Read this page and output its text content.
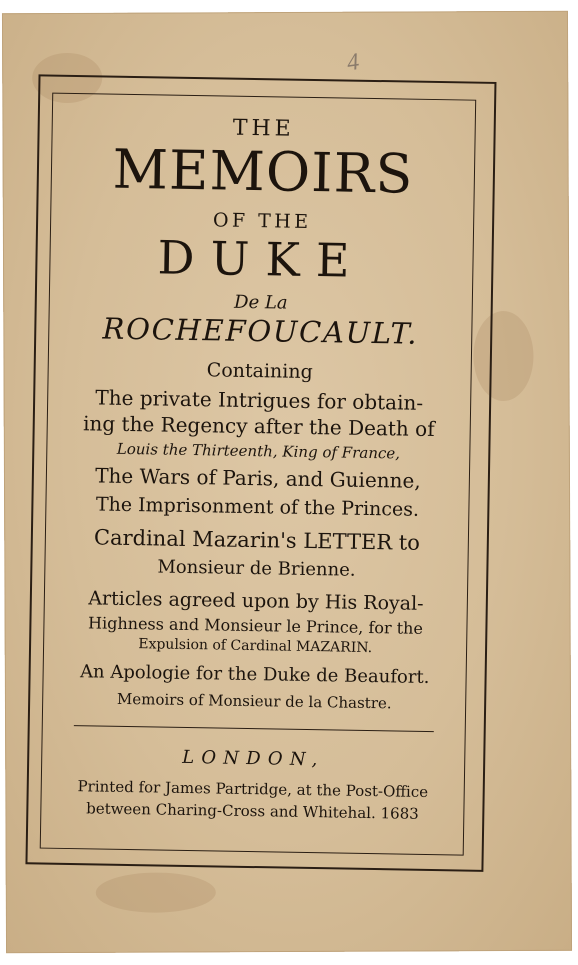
4
THE
MEMOIRS
OF THE
DUKE
De La
ROCHEFOUCAULT.
Containing
The private Intrigues for obtain-
ing the Regency after the Death of
Louis the Thirteenth, King of France,
The Wars of Paris, and Guienne,
The Imprisonment of the Princes.
Cardinal Mazarin's LETTER to
Monsieur de Brienne.
Articles agreed upon by His Royal-
Highness and Monsieur le Prince, for the
Expulsion of Cardinal MAZARIN.
An Apologie for the Duke de Beaufort.
Memoirs of Monsieur de la Chastre.
LONDON,
Printed for James Partridge, at the Post-Office
between Charing-Cross and Whitehal. 1683
